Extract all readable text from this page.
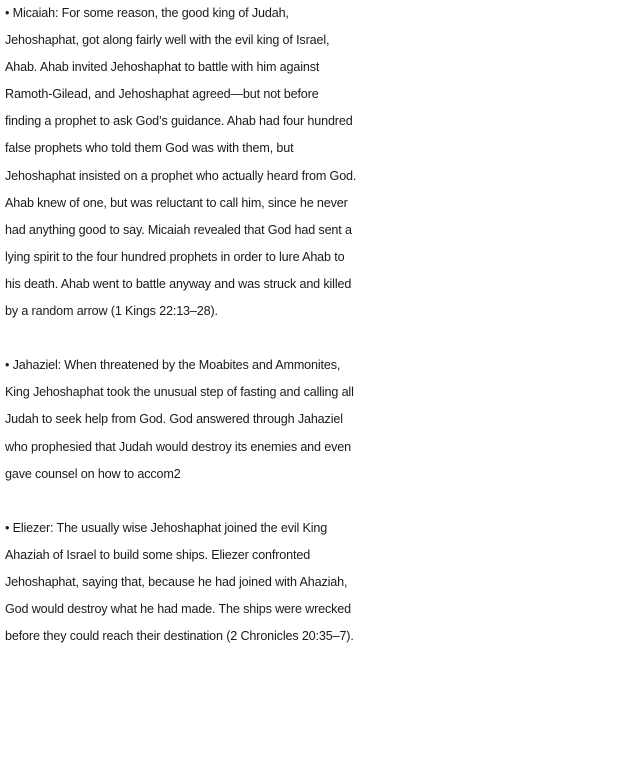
• Micaiah: For some reason, the good king of Judah,
Jehoshaphat, got along fairly well with the evil king of Israel,
Ahab. Ahab invited Jehoshaphat to battle with him against
Ramoth-Gilead, and Jehoshaphat agreed—but not before
finding a prophet to ask God’s guidance. Ahab had four hundred
false prophets who told them God was with them, but
Jehoshaphat insisted on a prophet who actually heard from God.
Ahab knew of one, but was reluctant to call him, since he never
had anything good to say. Micaiah revealed that God had sent a
lying spirit to the four hundred prophets in order to lure Ahab to
his death. Ahab went to battle anyway and was struck and killed
by a random arrow (1 Kings 22:13–28).
• Jahaziel: When threatened by the Moabites and Ammonites,
King Jehoshaphat took the unusual step of fasting and calling all
Judah to seek help from God. God answered through Jahaziel
who prophesied that Judah would destroy its enemies and even
gave counsel on how to accom2
• Eliezer: The usually wise Jehoshaphat joined the evil King
Ahaziah of Israel to build some ships. Eliezer confronted
Jehoshaphat, saying that, because he had joined with Ahaziah,
God would destroy what he had made. The ships were wrecked
before they could reach their destination (2 Chronicles 20:35–7).
